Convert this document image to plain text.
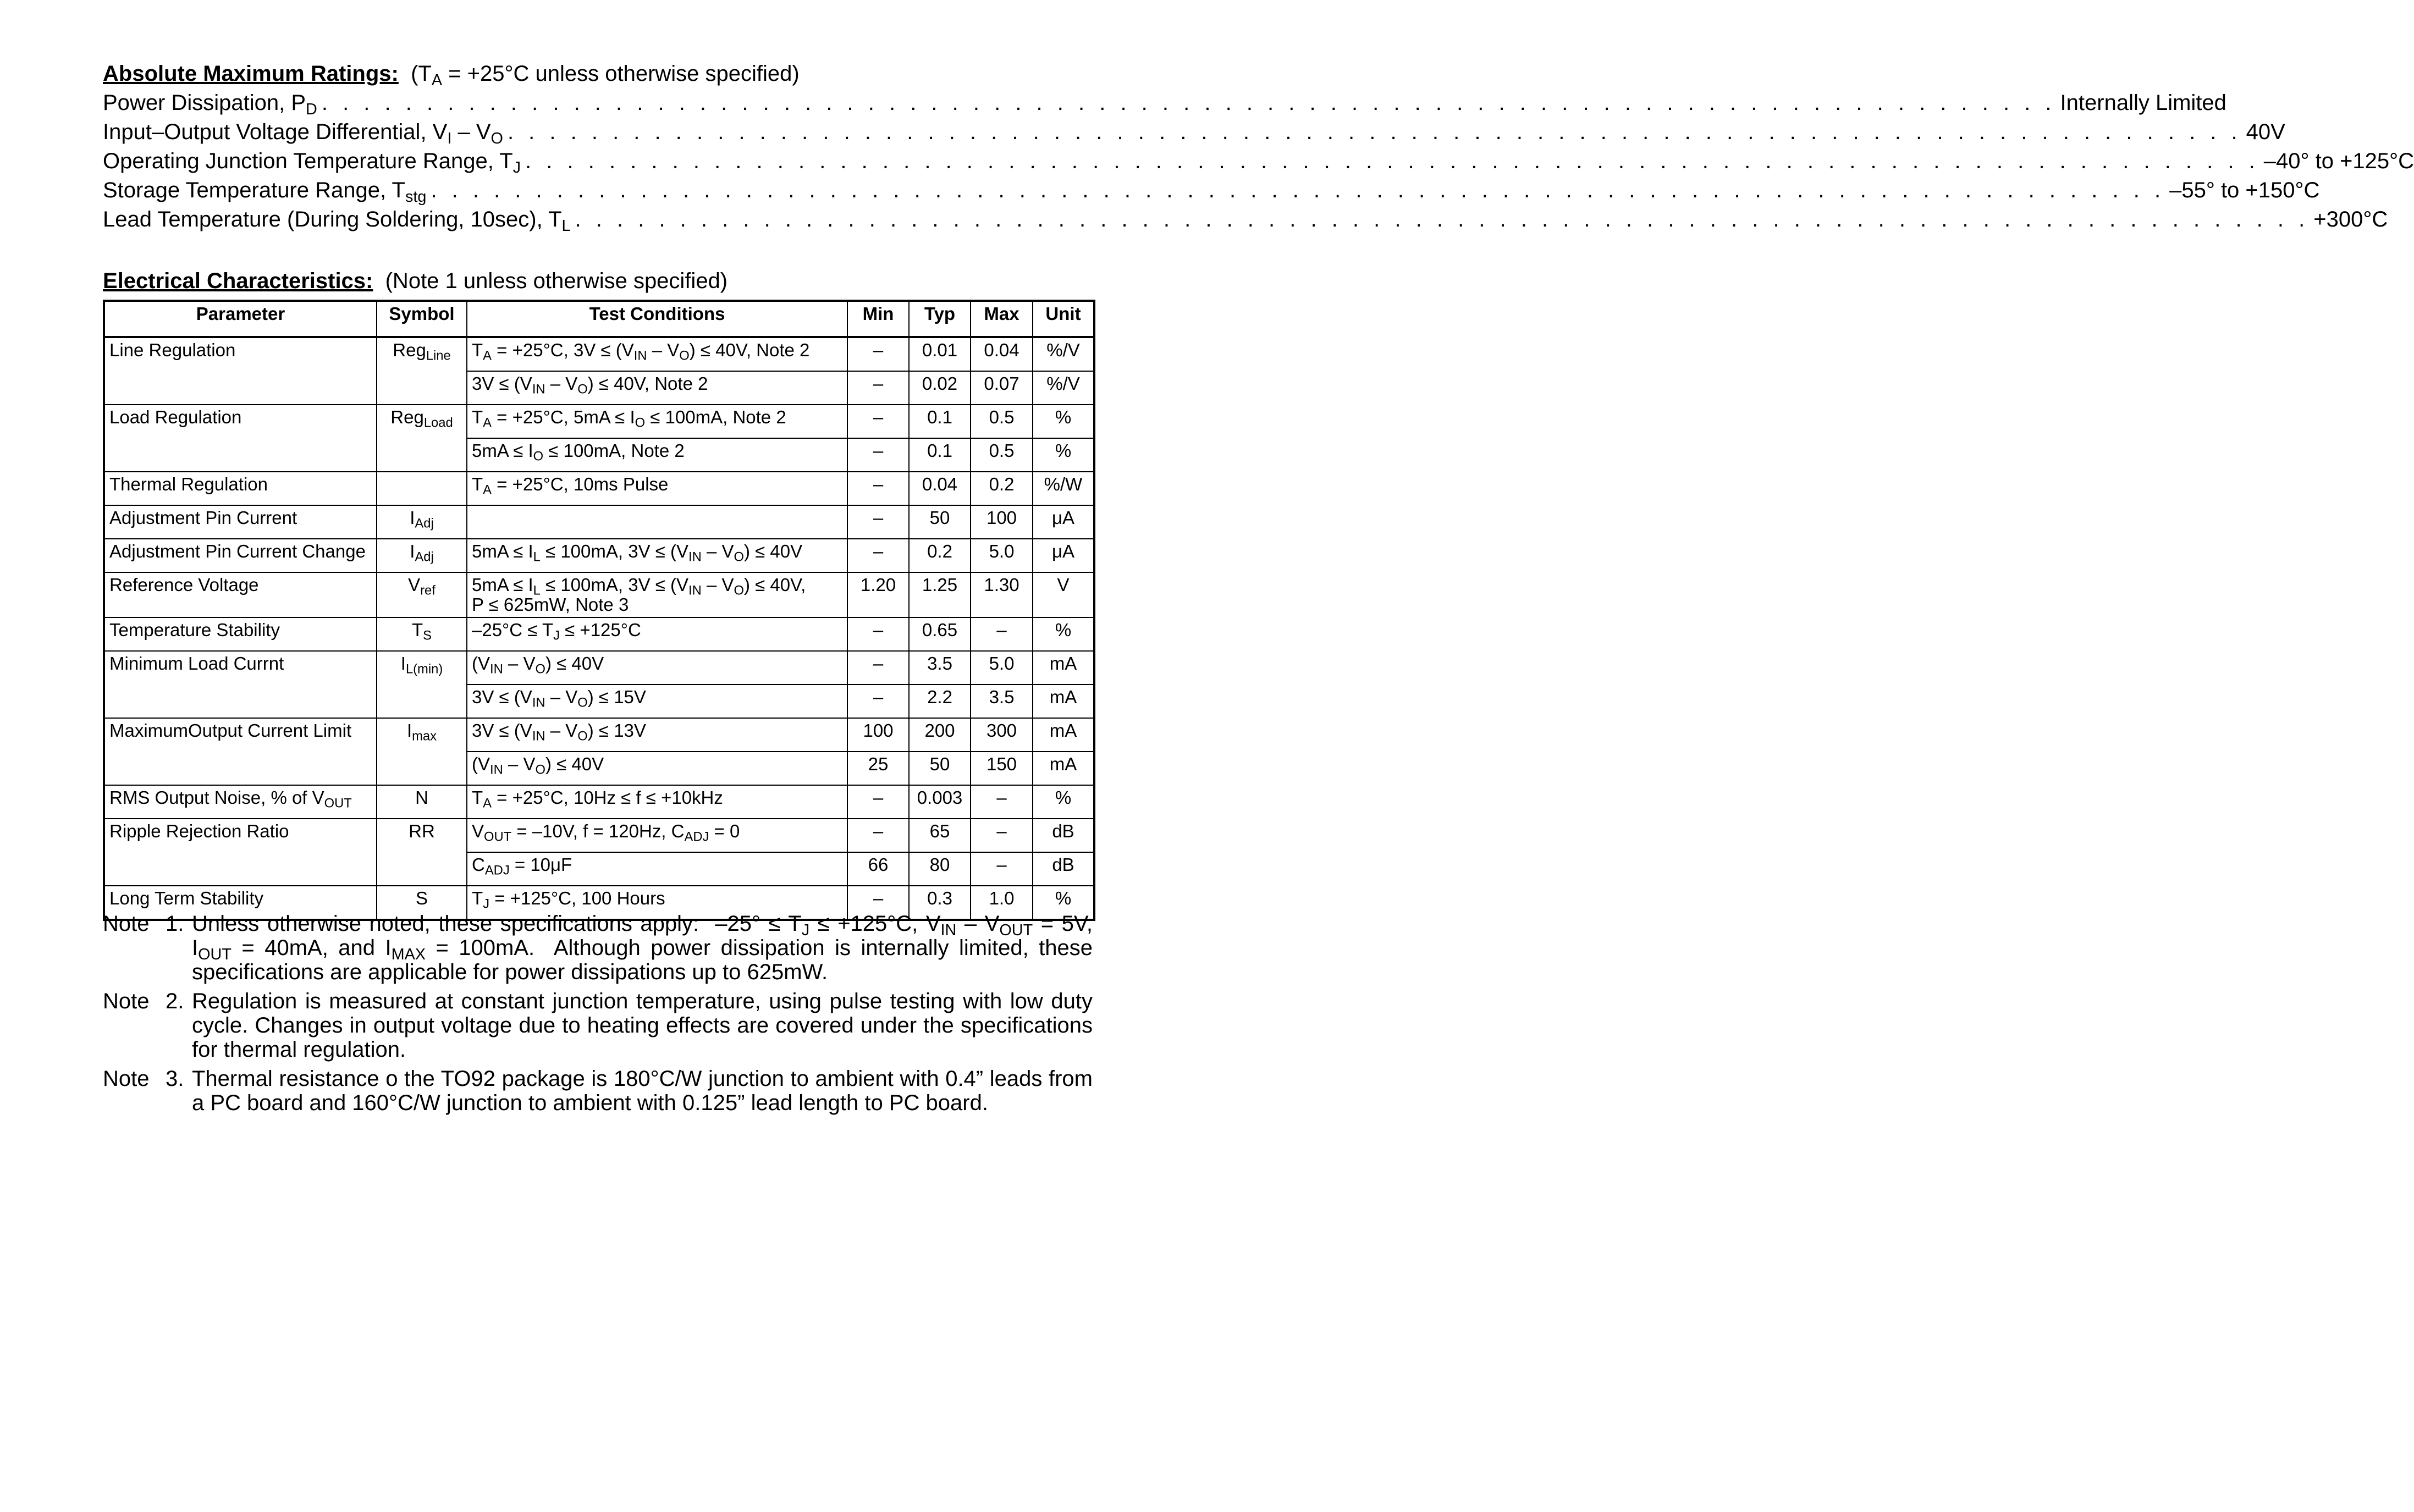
Absolute Maximum Ratings: ($T_A = +25^\circ C$ unless otherwise specified)
Power Dissipation, $P_D$ . . . . . . . . . . . . . . . . . . . . . . . . . . . . . . . . . . . . . . . . . . . . . . . . . . . . . . . . . . . . . . . . . . . . . . . . . . . . . . . . . . . Internally Limited
Input–Output Voltage Differential, $V_I - V_O$ . . . . . . . . . . . . . . . . . . . . . . . . . . . . . . . . . . . . . . . . . . . . . . . . . . . . . . . . . . . . . . . . . . . . . . . . . . . . . . . . . . . 40V
Operating Junction Temperature Range, $T_J$ . . . . . . . . . . . . . . . . . . . . . . . . . . . . . . . . . . . . . . . . . . . . . . . . . . . . . . . . . . . . . . . . . . . . . . . . . . . . . . . . . . . –40° to +125°C
Storage Temperature Range, $T_{stg}$ . . . . . . . . . . . . . . . . . . . . . . . . . . . . . . . . . . . . . . . . . . . . . . . . . . . . . . . . . . . . . . . . . . . . . . . . . . . . . . . . . . . –55° to +150°C
Lead Temperature (During Soldering, 10sec), $T_L$ . . . . . . . . . . . . . . . . . . . . . . . . . . . . . . . . . . . . . . . . . . . . . . . . . . . . . . . . . . . . . . . . . . . . . . . . . . . . . . . . . . . +300°C
Electrical Characteristics: (Note 1 unless otherwise specified)
Parameter	Symbol	Test Conditions	Min	Typ	Max	Unit
Line Regulation	Reg$_{Line}$	$T_A = +25^\circ C$, $3V \le (V_{IN} - V_O) \le 40V$, Note 2	–	0.01	0.04	%/V
		$3V \le (V_{IN} - V_O) \le 40V$, Note 2	–	0.02	0.07	%/V
Load Regulation	Reg$_{Load}$	$T_A = +25^\circ C$, $5mA \le I_O \le 100mA$, Note 2	–	0.1	0.5	%
		$5mA \le I_O \le 100mA$, Note 2	–	0.1	0.5	%
Thermal Regulation		$T_A = +25^\circ C$, 10ms Pulse	–	0.04	0.2	%/W
Adjustment Pin Current	$I_{Adj}$		–	50	100	μA
Adjustment Pin Current Change	$I_{Adj}$	$5mA \le I_L \le 100mA$, $3V \le (V_{IN} - V_O) \le 40V$	–	0.2	5.0	μA
Reference Voltage	$V_{ref}$	$5mA \le I_L \le 100mA$, $3V \le (V_{IN} - V_O) \le 40V$,
P ≤ 625mW, Note 3	1.20	1.25	1.30	V
Temperature Stability	$T_S$	$-25^\circ C \le T_J \le +125^\circ C$	–	0.65	–	%
Minimum Load Currnt	$I_{L(min)}$	$(V_{IN} - V_O) \le 40V$	–	3.5	5.0	mA
		$3V \le (V_{IN} - V_O) \le 15V$	–	2.2	3.5	mA
MaximumOutput Current Limit	$I_{max}$	$3V \le (V_{IN} - V_O) \le 13V$	100	200	300	mA
		$(V_{IN} - V_O) \le 40V$	25	50	150	mA
RMS Output Noise, % of $V_{OUT}$	N	$T_A = +25^\circ C$, 10Hz ≤ f ≤ +10kHz	–	0.003	–	%
Ripple Rejection Ratio	RR	$V_{OUT} = -10V$, f = 120Hz, $C_{ADJ} = 0$	–	65	–	dB
		$C_{ADJ} = 10\mu F$	66	80	–	dB
Long Term Stability	S	$T_J = +125^\circ C$, 100 Hours	–	0.3	1.0	%
Note 1. Unless otherwise noted, these specifications apply:  $-25^\circ \le T_J \le +125^\circ C$, $V_{IN} - V_{OUT} = 5V$, $I_{OUT} = 40mA$, and $I_{MAX} = 100mA$.  Although power dissipation is internally limited, these specifications are applicable for power dissipations up to 625mW.
Note 2. Regulation is measured at constant junction temperature, using pulse testing with low duty cycle. Changes in output voltage due to heating effects are covered under the specifications for thermal regulation.
Note 3. Thermal resistance o the TO92 package is 180°C/W junction to ambient with 0.4” leads from a PC board and 160°C/W junction to ambient with 0.125” lead length to PC board.
